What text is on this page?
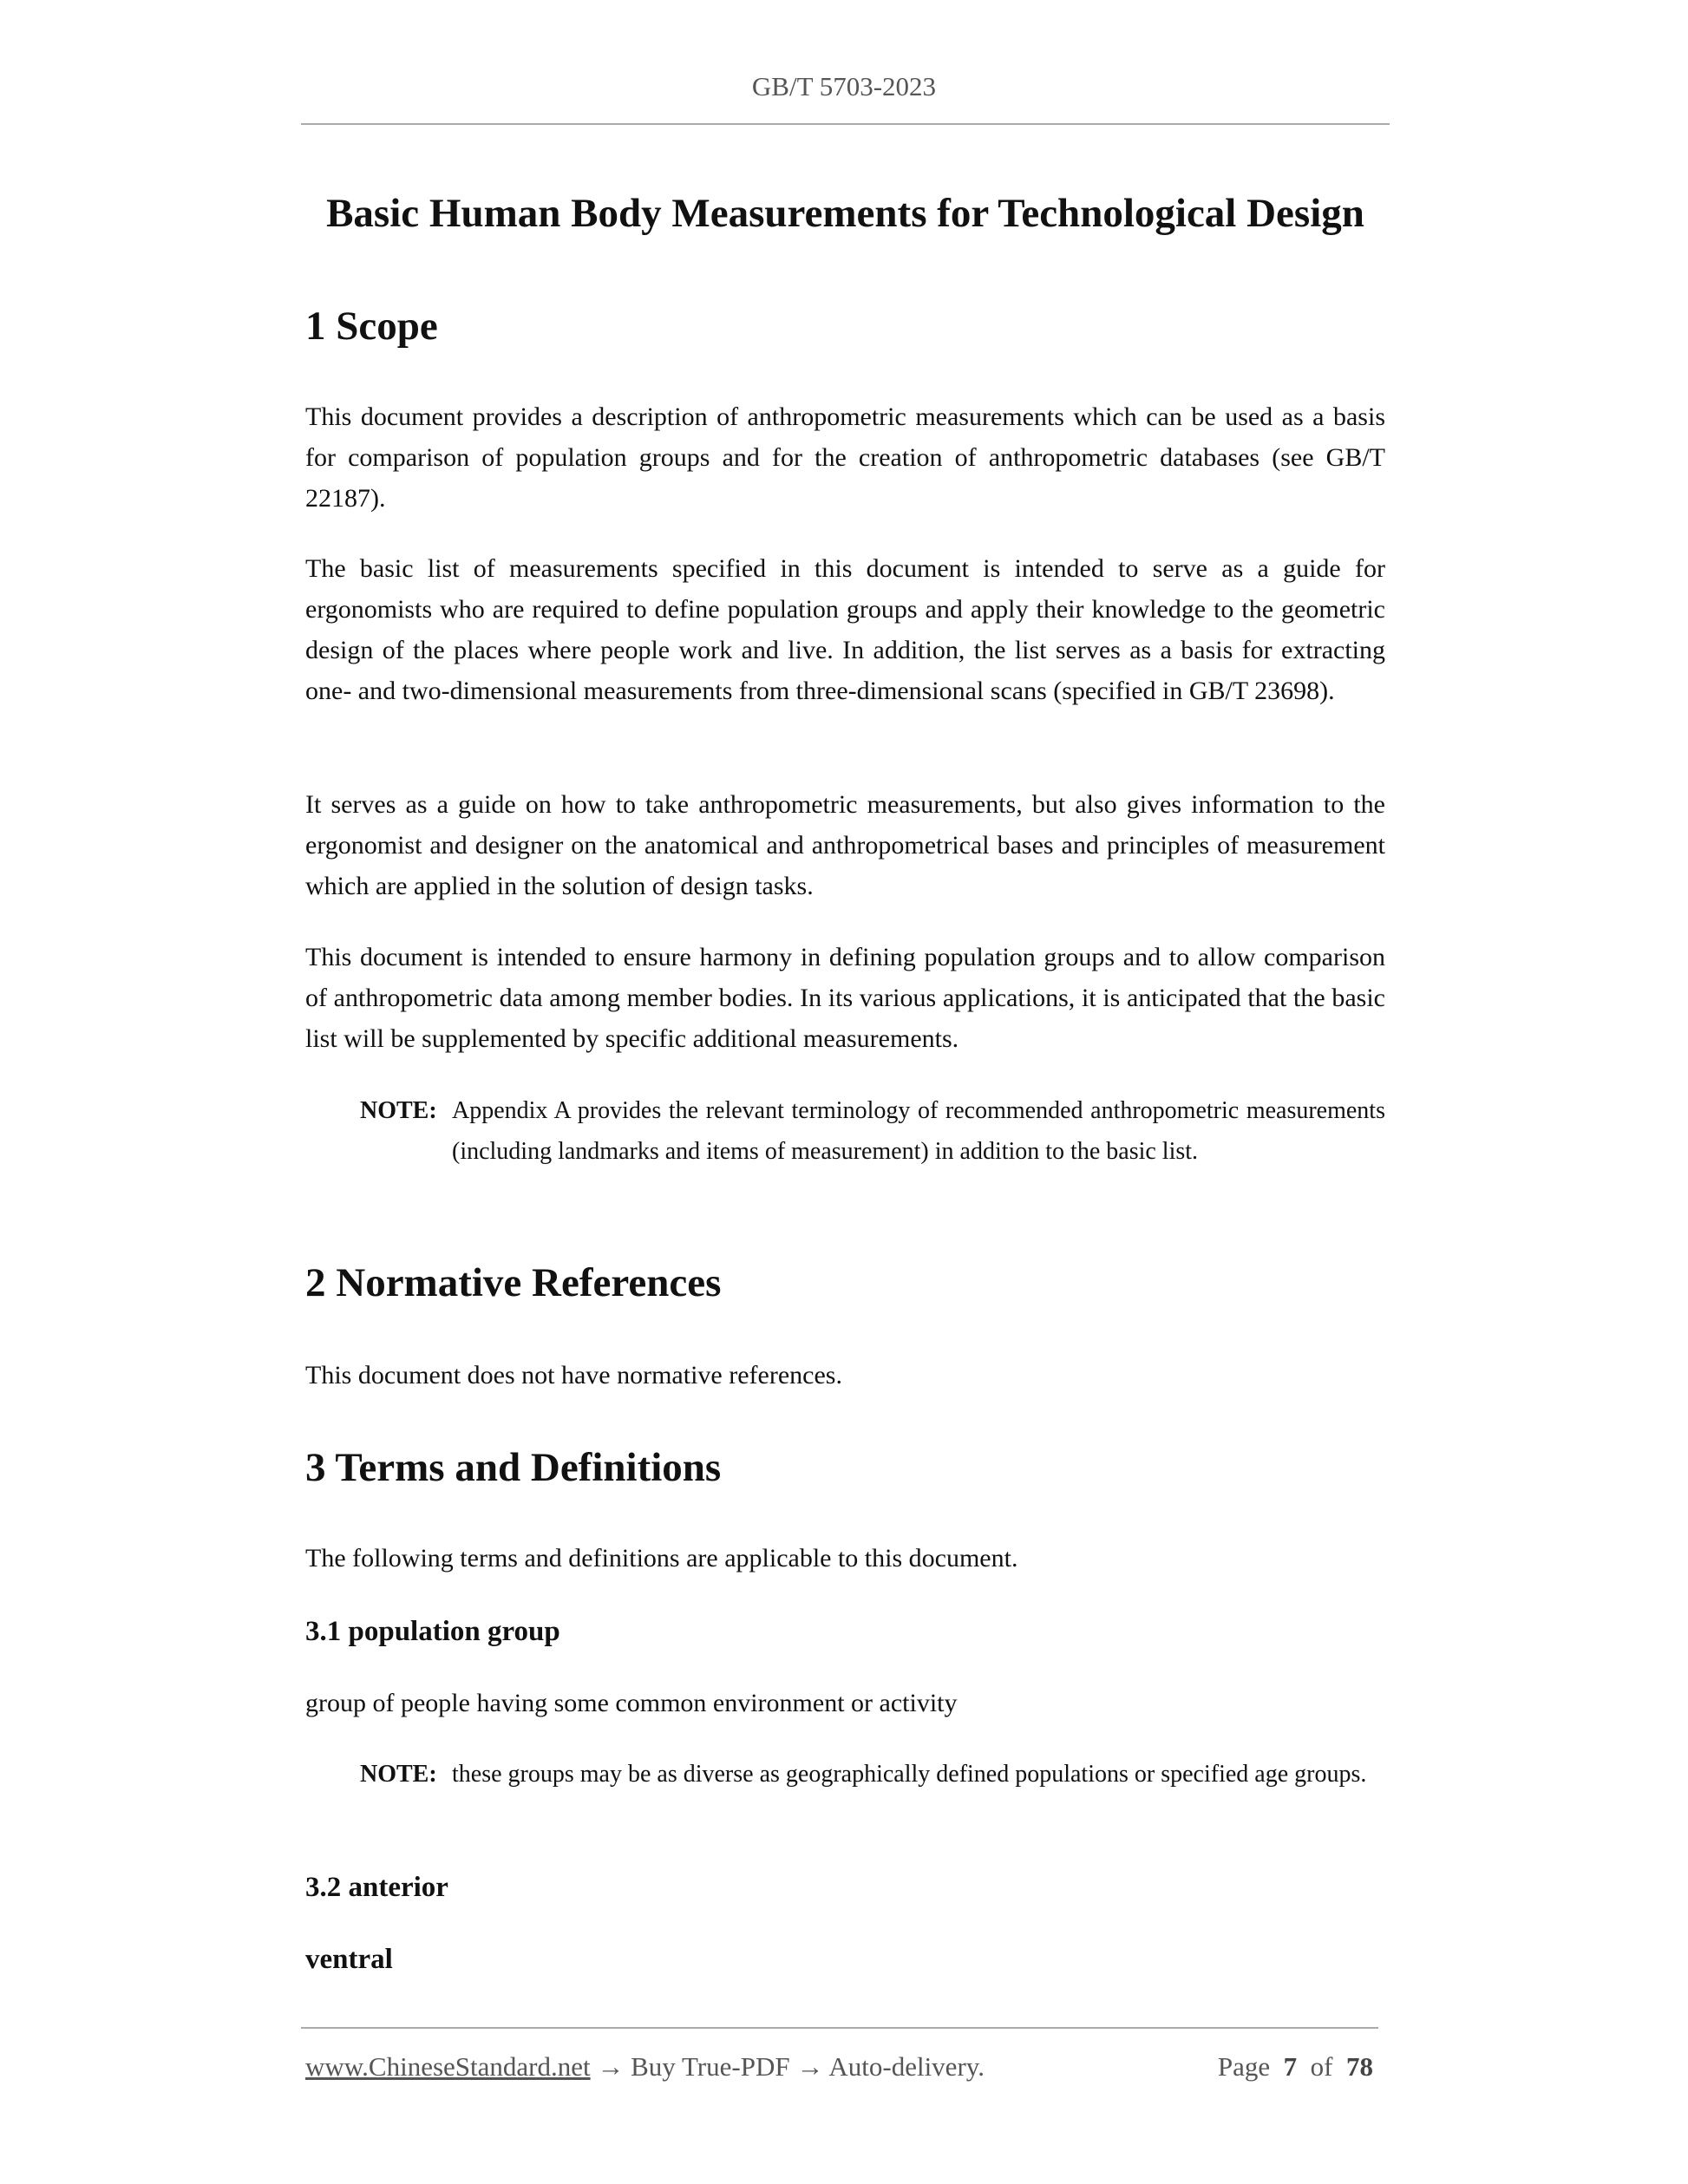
GB/T 5703-2023
Basic Human Body Measurements for Technological Design
1 Scope
This document provides a description of anthropometric measurements which can be used as a basis for comparison of population groups and for the creation of anthropometric databases (see GB/T 22187).
The basic list of measurements specified in this document is intended to serve as a guide for ergonomists who are required to define population groups and apply their knowledge to the geometric design of the places where people work and live. In addition, the list serves as a basis for extracting one- and two-dimensional measurements from three-dimensional scans (specified in GB/T 23698).
It serves as a guide on how to take anthropometric measurements, but also gives information to the ergonomist and designer on the anatomical and anthropometrical bases and principles of measurement which are applied in the solution of design tasks.
This document is intended to ensure harmony in defining population groups and to allow comparison of anthropometric data among member bodies. In its various applications, it is anticipated that the basic list will be supplemented by specific additional measurements.
NOTE: Appendix A provides the relevant terminology of recommended anthropometric measurements (including landmarks and items of measurement) in addition to the basic list.
2 Normative References
This document does not have normative references.
3 Terms and Definitions
The following terms and definitions are applicable to this document.
3.1 population group
group of people having some common environment or activity
NOTE: these groups may be as diverse as geographically defined populations or specified age groups.
3.2 anterior
ventral
www.ChineseStandard.net → Buy True-PDF → Auto-delivery.	Page 7 of 78
